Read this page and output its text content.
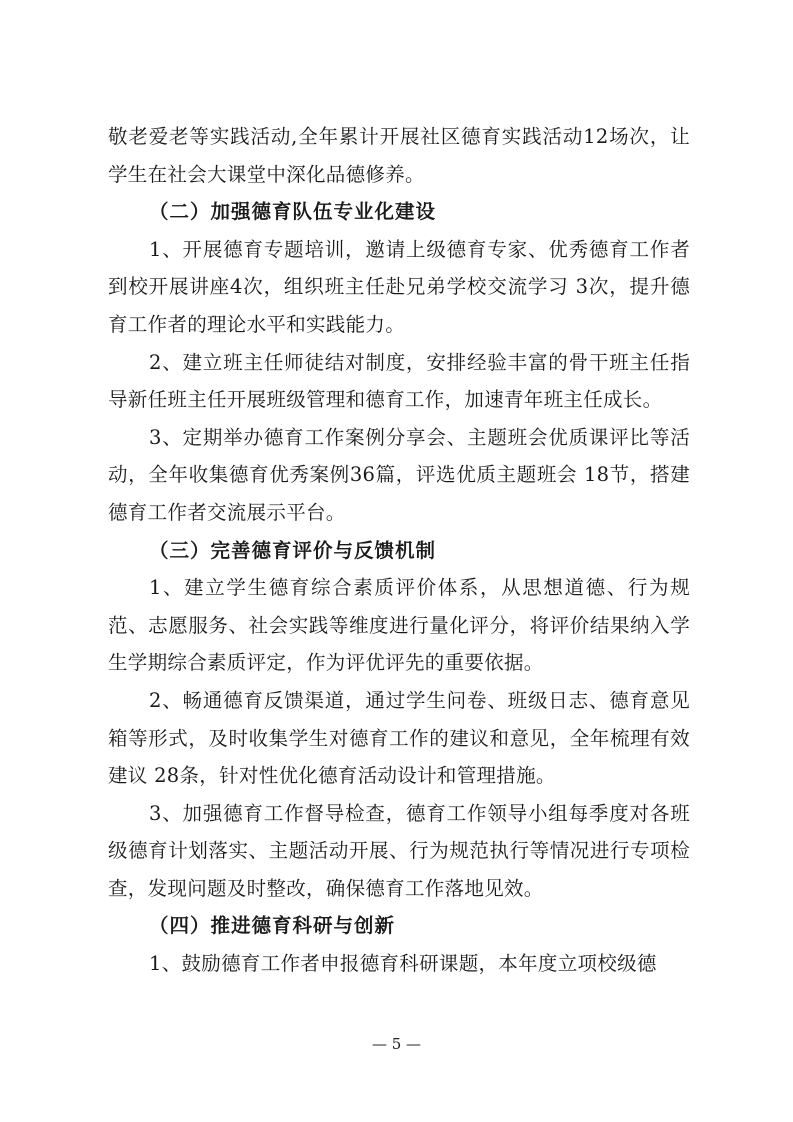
敬老爱老等实践活动,全年累计开展社区德育实践活动12场次，让学生在社会大课堂中深化品德修养。

（二）加强德育队伍专业化建设

1、开展德育专题培训，邀请上级德育专家、优秀德育工作者到校开展讲座4次，组织班主任赴兄弟学校交流学习 3次，提升德育工作者的理论水平和实践能力。

2、建立班主任师徒结对制度，安排经验丰富的骨干班主任指导新任班主任开展班级管理和德育工作，加速青年班主任成长。

3、定期举办德育工作案例分享会、主题班会优质课评比等活动，全年收集德育优秀案例36篇，评选优质主题班会 18节，搭建德育工作者交流展示平台。

（三）完善德育评价与反馈机制

1、建立学生德育综合素质评价体系，从思想道德、行为规范、志愿服务、社会实践等维度进行量化评分，将评价结果纳入学生学期综合素质评定，作为评优评先的重要依据。

2、畅通德育反馈渠道，通过学生问卷、班级日志、德育意见箱等形式，及时收集学生对德育工作的建议和意见，全年梳理有效建议 28条，针对性优化德育活动设计和管理措施。

3、加强德育工作督导检查，德育工作领导小组每季度对各班级德育计划落实、主题活动开展、行为规范执行等情况进行专项检查，发现问题及时整改，确保德育工作落地见效。

（四）推进德育科研与创新

1、鼓励德育工作者申报德育科研课题，本年度立项校级德

— 5 —
